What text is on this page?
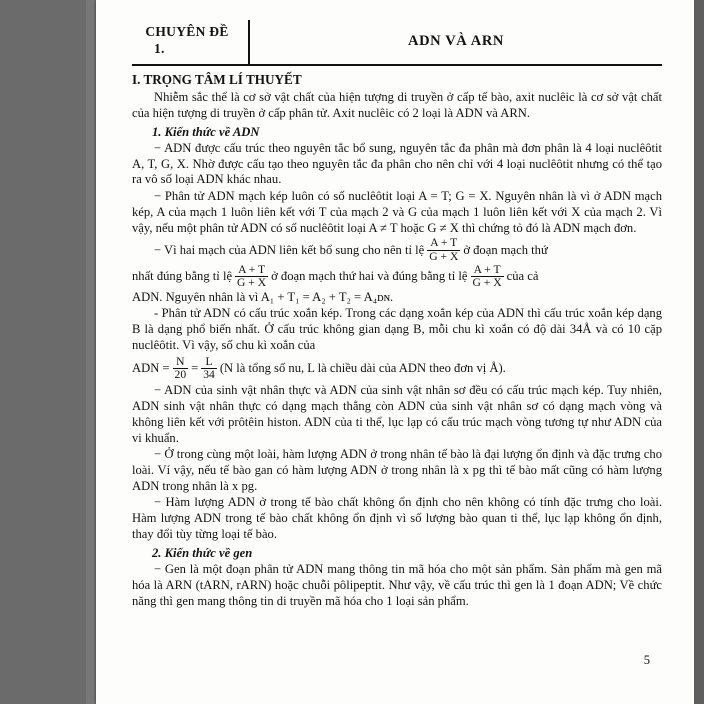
CHUYÊN ĐỀ
1.	ADN VÀ ARN
I. TRỌNG TÂM LÍ THUYẾT

Nhiễm sắc thể là cơ sở vật chất của hiện tượng di truyền ở cấp tế bào, axit nuclêic là cơ sở vật chất của hiện tượng di truyền ở cấp phân tử. Axit nuclêic có 2 loại là ADN và ARN.

1. Kiến thức về ADN

− ADN được cấu trúc theo nguyên tắc bổ sung, nguyên tắc đa phân mà đơn phân là 4 loại nuclêôtit A, T, G, X. Nhờ được cấu tạo theo nguyên tắc đa phân cho nên chỉ với 4 loại nuclêôtit nhưng có thể tạo ra vô số loại ADN khác nhau.

− Phân tử ADN mạch kép luôn có số nuclêôtit loại A = T; G = X. Nguyên nhân là vì ở ADN mạch kép, A của mạch 1 luôn liên kết với T của mạch 2 và G của mạch 1 luôn liên kết với X của mạch 2. Vì vậy, nếu một phân tử ADN có số nuclêôtit loại A ≠ T hoặc G ≠ X thì chứng tỏ đó là ADN mạch đơn.

− Vì hai mạch của ADN liên kết bổ sung cho nên tỉ lệ $\frac{A + T}{G + X}$ ở đoạn mạch thứ
nhất đúng bằng tỉ lệ $\frac{A + T}{G + X}$ ở đoạn mạch thứ hai và đúng bằng tỉ lệ $\frac{A + T}{G + X}$ của cả

ADN. Nguyên nhân là vì A₁ + T₁ = A₂ + T₂ = A₄ᴅɴ.

- Phân tử ADN có cấu trúc xoắn kép. Trong các dạng xoắn kép của ADN thì cấu trúc xoắn kép dạng B là dạng phổ biến nhất. Ở cấu trúc không gian dạng B, mỗi chu kì xoắn có độ dài 34Å và có 10 cặp nuclêôtit. Vì vậy, số chu kì xoắn của

ADN = $\frac{N}{20} = \frac{L}{34} (N$ là tổng số nu, L là chiều dài của ADN theo đơn vị Å).

− ADN của sinh vật nhân thực và ADN của sinh vật nhân sơ đều có cấu trúc mạch kép. Tuy nhiên, ADN sinh vật nhân thực có dạng mạch thẳng còn ADN của sinh vật nhân sơ có dạng mạch vòng và không liên kết với prôtêin histon. ADN của ti thể, lục lạp có cấu trúc mạch vòng tương tự như ADN của vi khuẩn.

− Ở trong cùng một loài, hàm lượng ADN ở trong nhân tế bào là đại lượng ổn định và đặc trưng cho loài. Ví vậy, nếu tế bào gan có hàm lượng ADN ở trong nhân là x pg thì tế bào mất cũng có hàm lượng ADN trong nhân là x pg.

− Hàm lượng ADN ở trong tế bào chất không ổn định cho nên không có tính đặc trưng cho loài. Hàm lượng ADN trong tế bào chất không ổn định vì số lượng bào quan ti thể, lục lạp không ổn định, thay đổi tùy từng loại tế bào.

2. Kiến thức về gen

− Gen là một đoạn phân tử ADN mang thông tin mã hóa cho một sản phẩm. Sản phẩm mà gen mã hóa là ARN (tARN, rARN) hoặc chuỗi pôlipeptit. Như vậy, về cấu trúc thì gen là 1 đoạn ADN; Về chức năng thì gen mang thông tin di truyền mã hóa cho 1 loại sản phẩm.

5
